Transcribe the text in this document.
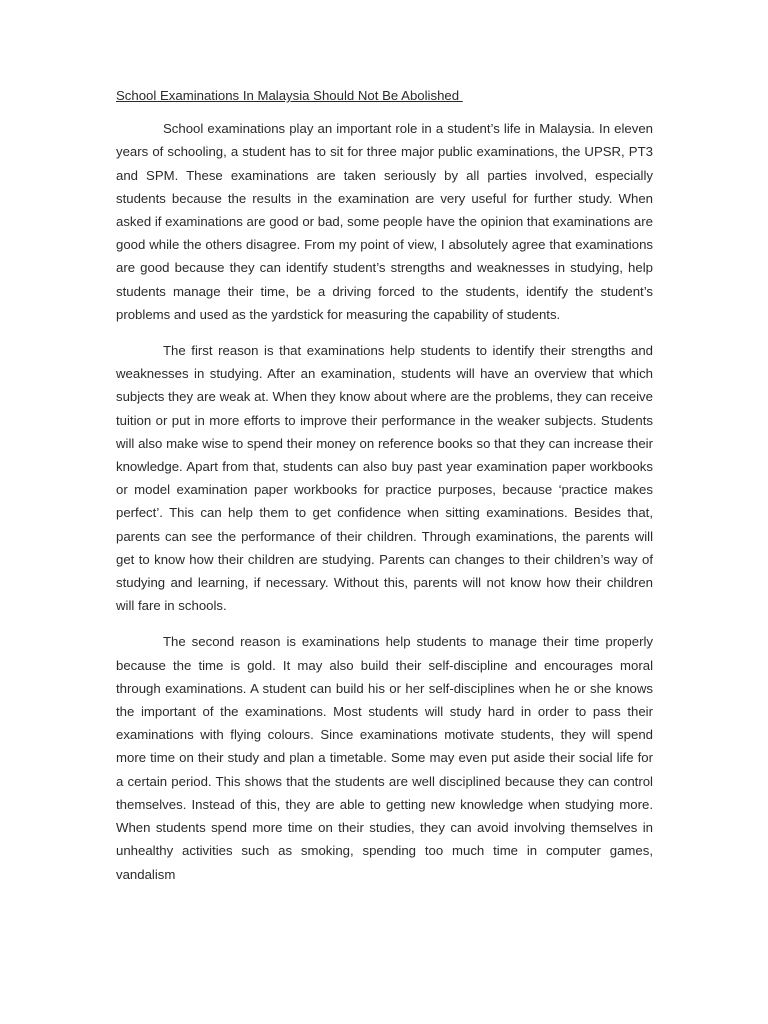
School Examinations In Malaysia Should Not Be Abolished

School examinations play an important role in a student’s life in Malaysia. In eleven years of schooling, a student has to sit for three major public examinations, the UPSR, PT3 and SPM. These examinations are taken seriously by all parties involved, especially students because the results in the examination are very useful for further study. When asked if examinations are good or bad, some people have the opinion that examinations are good while the others disagree. From my point of view, I absolutely agree that examinations are good because they can identify student’s strengths and weaknesses in studying, help students manage their time, be a driving forced to the students, identify the student’s problems and used as the yardstick for measuring the capability of students.

The first reason is that examinations help students to identify their strengths and weaknesses in studying. After an examination, students will have an overview that which subjects they are weak at. When they know about where are the problems, they can receive tuition or put in more efforts to improve their performance in the weaker subjects. Students will also make wise to spend their money on reference books so that they can increase their knowledge. Apart from that, students can also buy past year examination paper workbooks or model examination paper workbooks for practice purposes, because ‘practice makes perfect’. This can help them to get confidence when sitting examinations. Besides that, parents can see the performance of their children. Through examinations, the parents will get to know how their children are studying. Parents can changes to their children’s way of studying and learning, if necessary. Without this, parents will not know how their children will fare in schools.

The second reason is examinations help students to manage their time properly because the time is gold. It may also build their self-discipline and encourages moral through examinations. A student can build his or her self-disciplines when he or she knows the important of the examinations. Most students will study hard in order to pass their examinations with flying colours. Since examinations motivate students, they will spend more time on their study and plan a timetable. Some may even put aside their social life for a certain period. This shows that the students are well disciplined because they can control themselves. Instead of this, they are able to getting new knowledge when studying more. When students spend more time on their studies, they can avoid involving themselves in unhealthy activities such as smoking, spending too much time in computer games, vandalism
